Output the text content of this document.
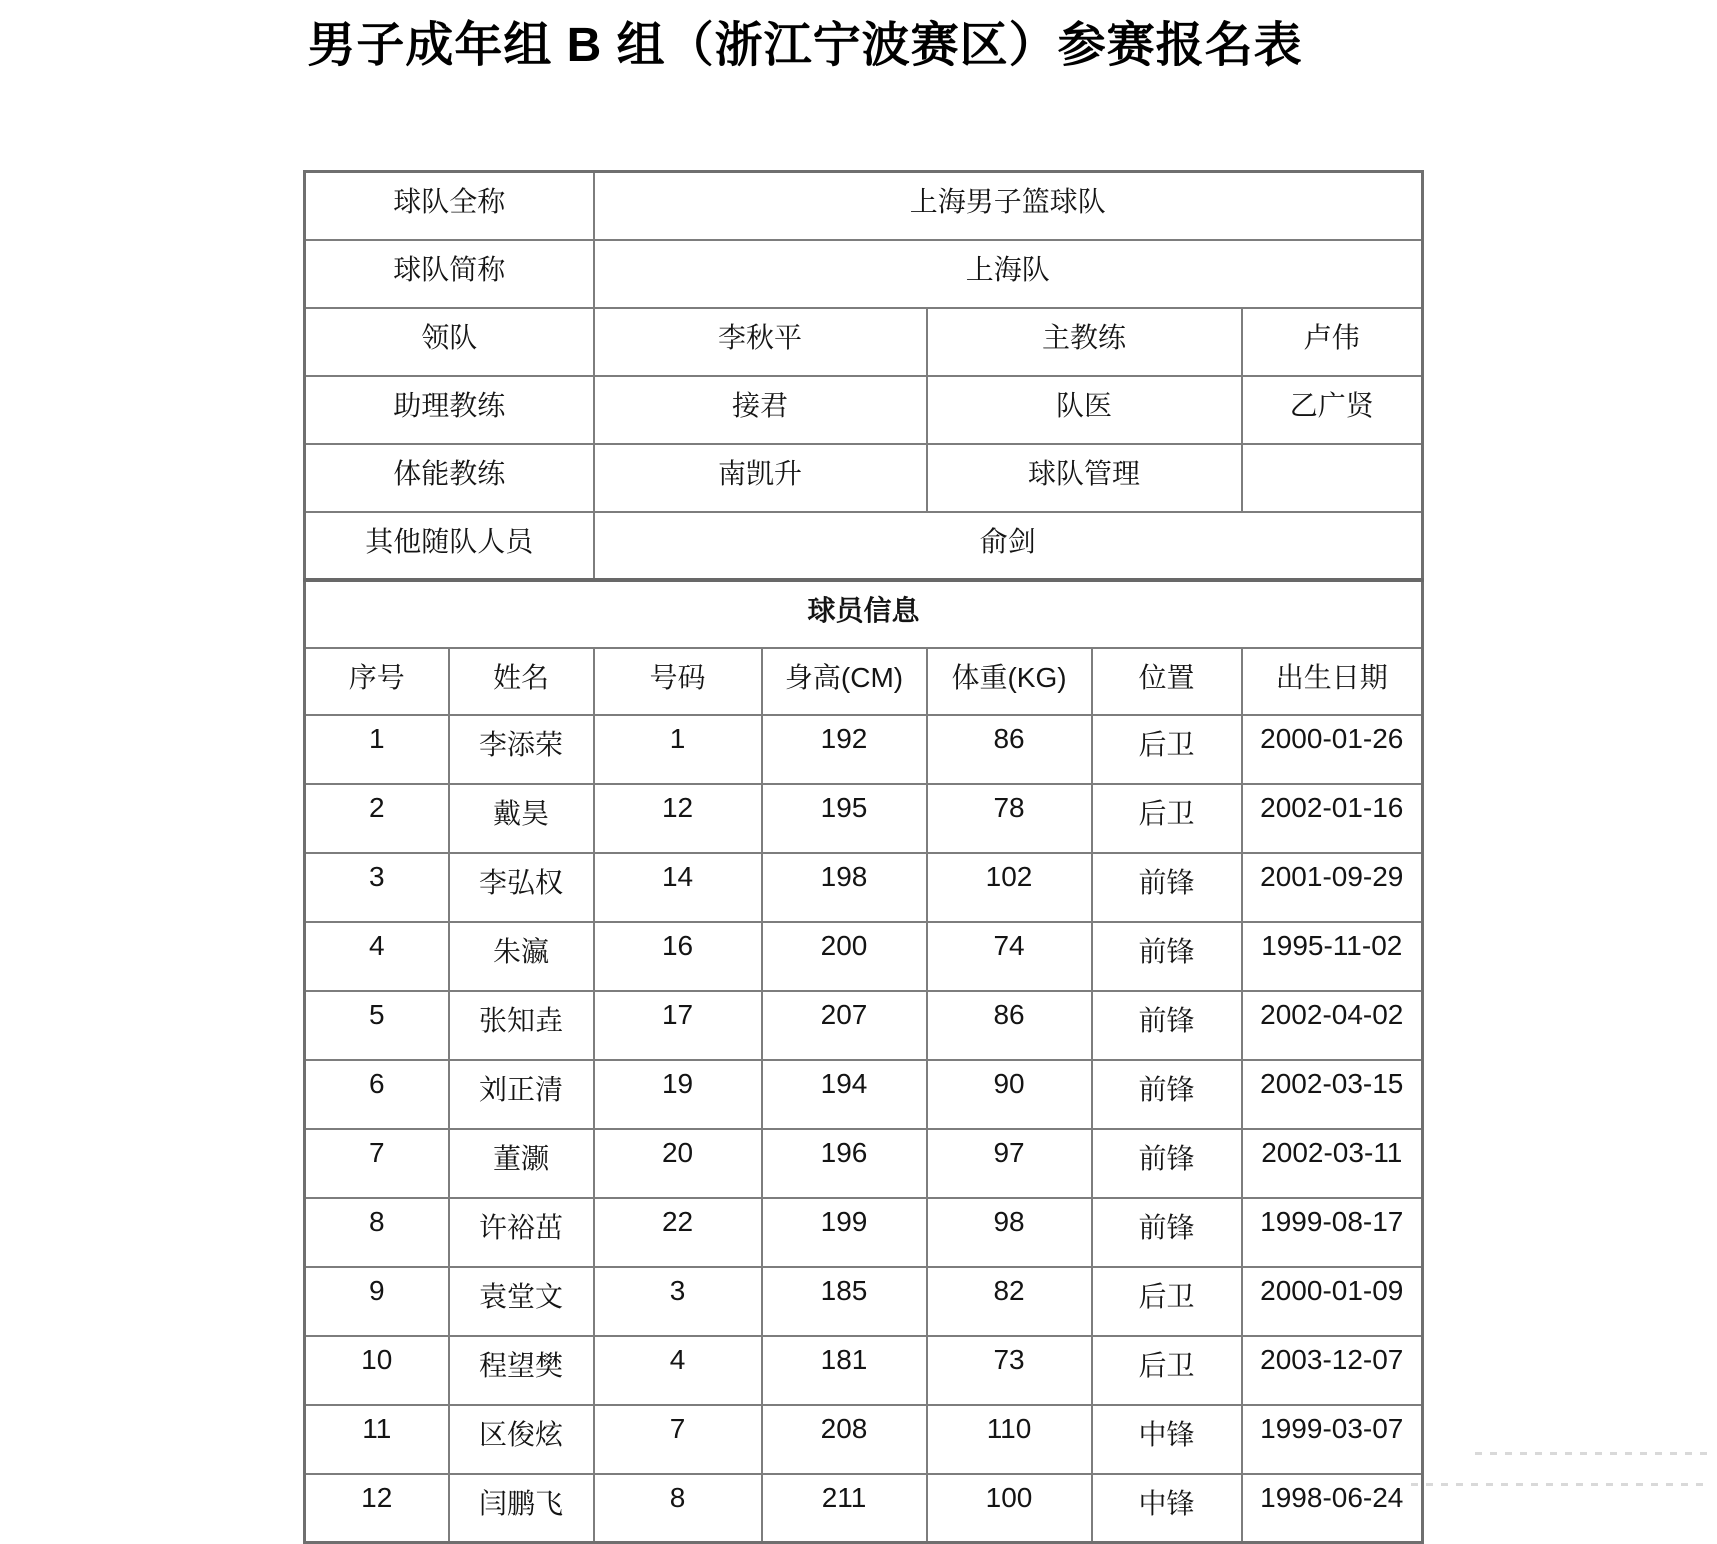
男子成年组 B 组（浙江宁波赛区）参赛报名表
球队全称		上海男子篮球队				
球队简称		上海队				
领队		李秋平		主教练		卢伟
助理教练		接君		队医		乙广贤
体能教练		南凯升		球队管理		
其他随队人员		俞剑				
球员信息						
序号	姓名	号码	身高(CM)	体重(KG)	位置	出生日期
1	李添荣	1	192	86	后卫	2000-01-26
2	戴昊	12	195	78	后卫	2002-01-16
3	李弘权	14	198	102	前锋	2001-09-29
4	朱瀛	16	200	74	前锋	1995-11-02
5	张知垚	17	207	86	前锋	2002-04-02
6	刘正清	19	194	90	前锋	2002-03-15
7	董灏	20	196	97	前锋	2002-03-11
8	许裕茁	22	199	98	前锋	1999-08-17
9	袁堂文	3	185	82	后卫	2000-01-09
10	程望樊	4	181	73	后卫	2003-12-07
11	区俊炫	7	208	110	中锋	1999-03-07
12	闫鹏飞	8	211	100	中锋	1998-06-24
